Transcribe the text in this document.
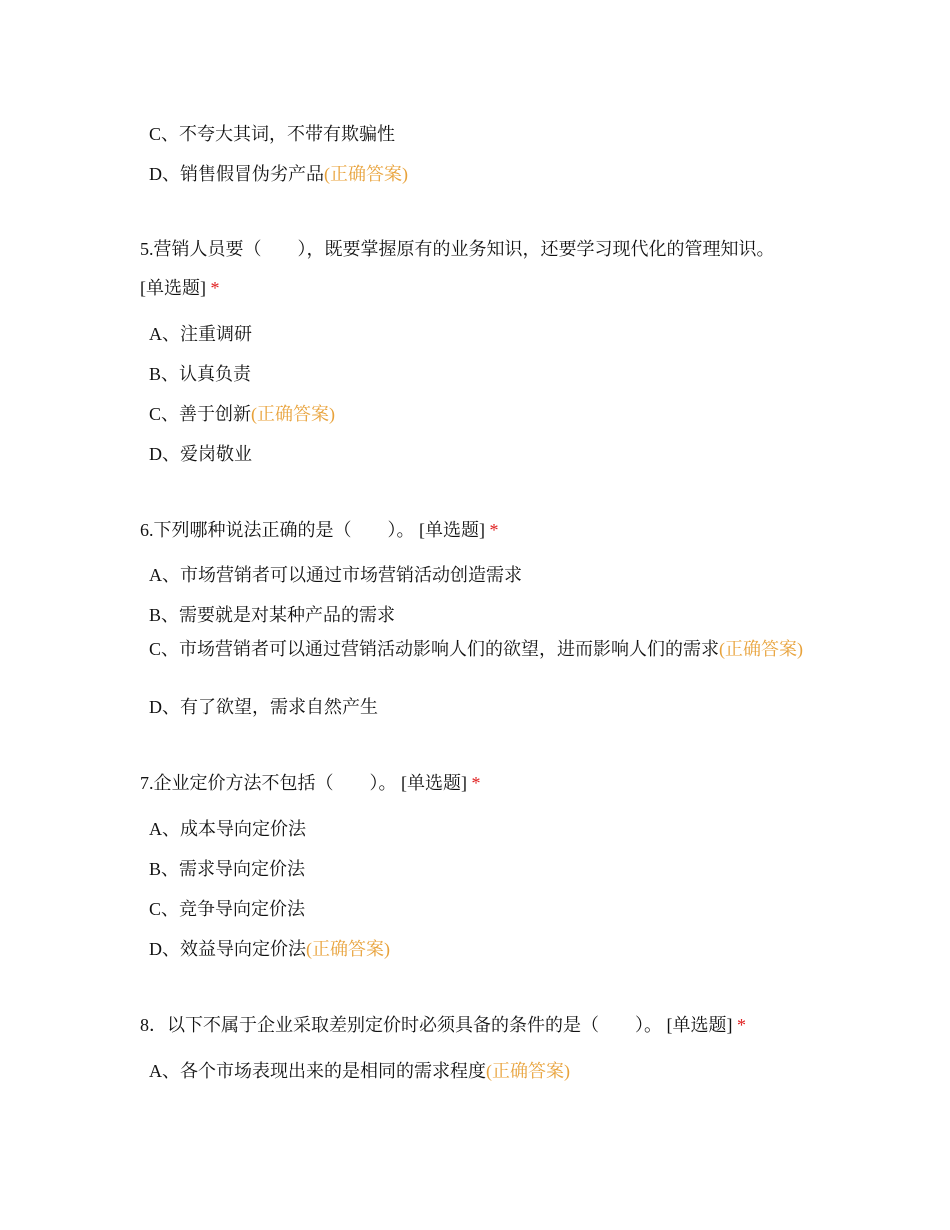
C、不夸大其词，不带有欺骗性
D、销售假冒伪劣产品(正确答案)
5.营销人员要（　　），既要掌握原有的业务知识，还要学习现代化的管理知识。
[单选题] *
A、注重调研
B、认真负责
C、善于创新(正确答案)
D、爱岗敬业
6.下列哪种说法正确的是（　　）。 [单选题] *
A、市场营销者可以通过市场营销活动创造需求
B、需要就是对某种产品的需求
C、市场营销者可以通过营销活动影响人们的欲望，进而影响人们的需求(正确答案)
D、有了欲望，需求自然产生
7.企业定价方法不包括（　　）。 [单选题] *
A、成本导向定价法
B、需求导向定价法
C、竞争导向定价法
D、效益导向定价法(正确答案)
8．以下不属于企业采取差别定价时必须具备的条件的是（　　）。 [单选题] *
A、各个市场表现出来的是相同的需求程度(正确答案)
